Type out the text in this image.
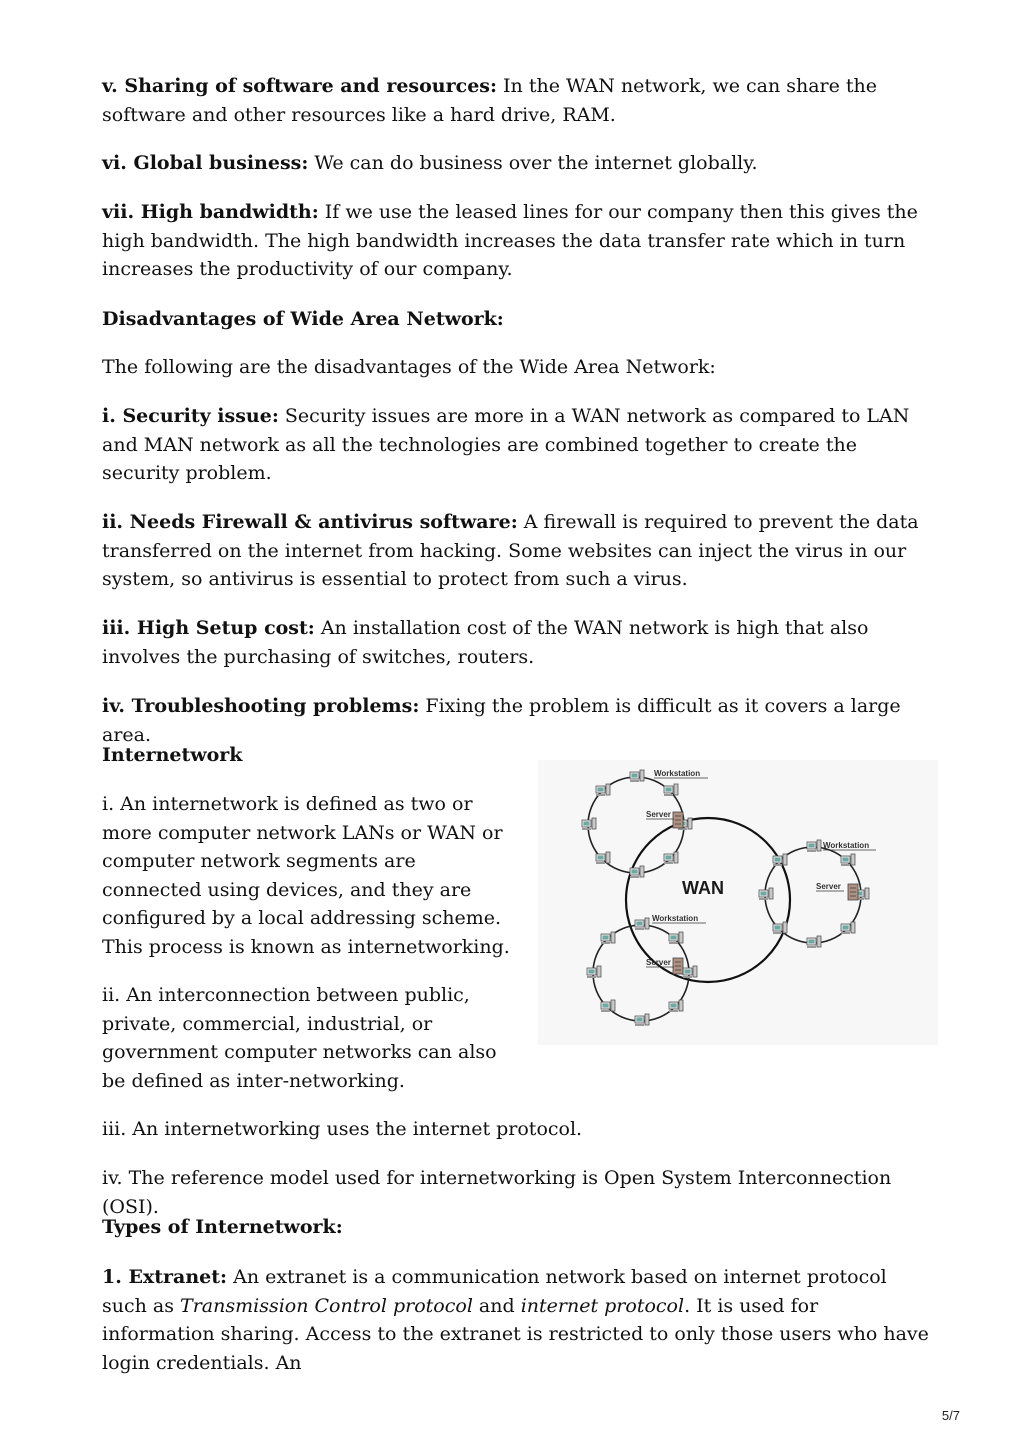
v. Sharing of software and resources: In the WAN network, we can share the software and other resources like a hard drive, RAM.

vi. Global business: We can do business over the internet globally.

vii. High bandwidth: If we use the leased lines for our company then this gives the high bandwidth. The high bandwidth increases the data transfer rate which in turn increases the productivity of our company.

Disadvantages of Wide Area Network:

The following are the disadvantages of the Wide Area Network:

i. Security issue: Security issues are more in a WAN network as compared to LAN and MAN network as all the technologies are combined together to create the security problem.

ii. Needs Firewall & antivirus software: A firewall is required to prevent the data transferred on the internet from hacking. Some websites can inject the virus in our system, so antivirus is essential to protect from such a virus.

iii. High Setup cost: An installation cost of the WAN network is high that also involves the purchasing of switches, routers.

iv. Troubleshooting problems: Fixing the problem is difficult as it covers a large area.

Internetwork

i. An internetwork is defined as two or more computer network LANs or WAN or computer network segments are connected using devices, and they are configured by a local addressing scheme. This process is known as internetworking.

ii. An interconnection between public, private, commercial, industrial, or government computer networks can also be defined as inter-networking.

iii. An internetworking uses the internet protocol.

iv. The reference model used for internetworking is Open System Interconnection (OSI).

Types of Internetwork:

1. Extranet: An extranet is a communication network based on internet protocol such as Transmission Control protocol and internet protocol. It is used for information sharing. Access to the extranet is restricted to only those users who have login credentials. An

WAN
Workstation
Server
Workstation
Server
Workstation
Server
5/7
